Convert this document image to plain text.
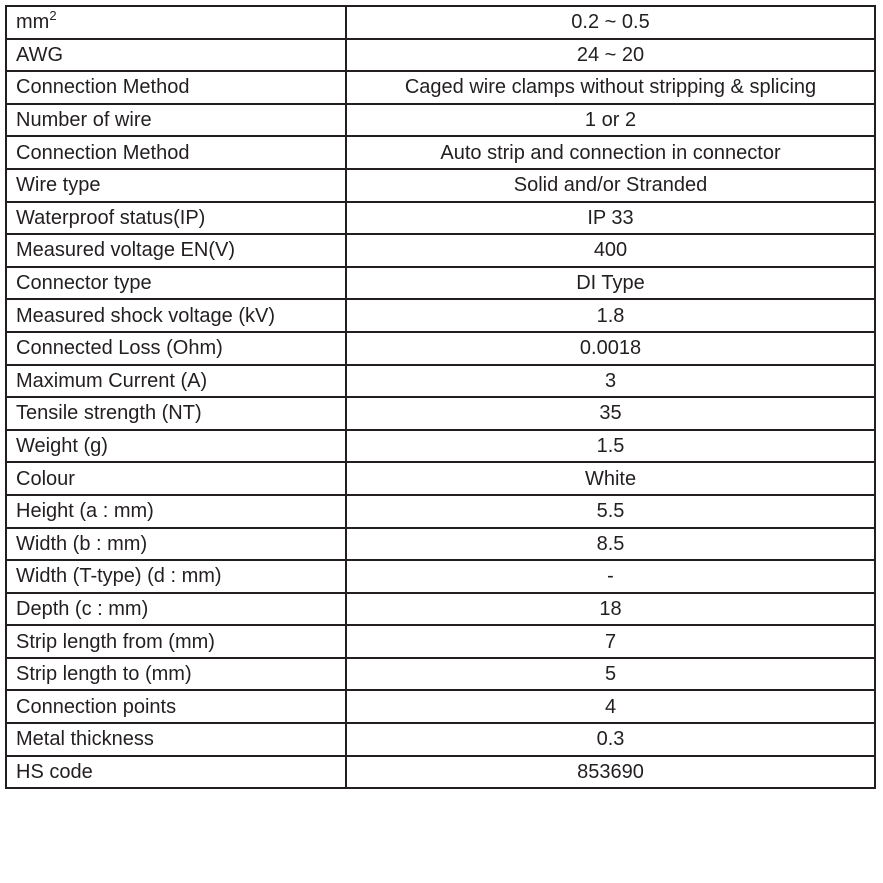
$mm^2$	0.2 ~ 0.5
AWG	24 ~ 20
Connection Method	Caged wire clamps without stripping & splicing
Number of wire	1 or 2
Connection Method	Auto strip and connection in connector
Wire type	Solid and/or Stranded
Waterproof status(IP)	IP 33
Measured voltage EN(V)	400
Connector type	DI Type
Measured shock voltage (kV)	1.8
Connected Loss (Ohm)	0.0018
Maximum Current (A)	3
Tensile strength (NT)	35
Weight (g)	1.5
Colour	White
Height (a : mm)	5.5
Width (b : mm)	8.5
Width (T-type) (d : mm)	-
Depth (c : mm)	18
Strip length from (mm)	7
Strip length to (mm)	5
Connection points	4
Metal thickness	0.3
HS code	853690
